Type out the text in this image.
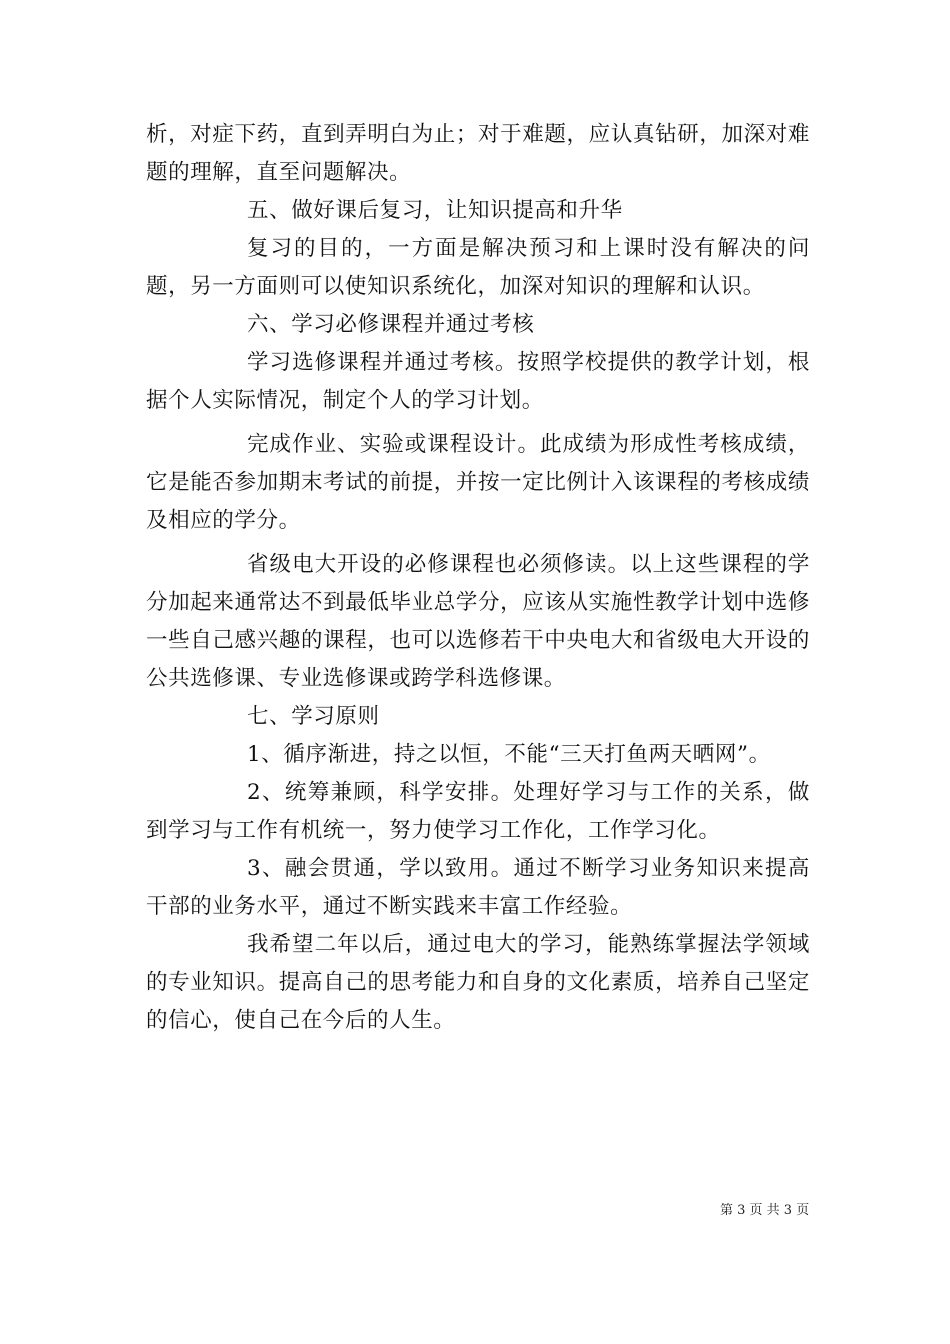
析，对症下药，直到弄明白为止；对于难题，应认真钻研，加深对难题的理解，直至问题解决。

五、做好课后复习，让知识提高和升华

复习的目的，一方面是解决预习和上课时没有解决的问题，另一方面则可以使知识系统化，加深对知识的理解和认识。

六、学习必修课程并通过考核

学习选修课程并通过考核。按照学校提供的教学计划，根据个人实际情况，制定个人的学习计划。

完成作业、实验或课程设计。此成绩为形成性考核成绩，它是能否参加期末考试的前提，并按一定比例计入该课程的考核成绩及相应的学分。

省级电大开设的必修课程也必须修读。以上这些课程的学分加起来通常达不到最低毕业总学分，应该从实施性教学计划中选修一些自己感兴趣的课程，也可以选修若干中央电大和省级电大开设的公共选修课、专业选修课或跨学科选修课。

七、学习原则

1、循序渐进，持之以恒，不能“三天打鱼两天晒网”。

2、统筹兼顾，科学安排。处理好学习与工作的关系，做到学习与工作有机统一，努力使学习工作化，工作学习化。

3、融会贯通，学以致用。通过不断学习业务知识来提高干部的业务水平，通过不断实践来丰富工作经验。

我希望二年以后，通过电大的学习，能熟练掌握法学领域的专业知识。提高自己的思考能力和自身的文化素质，培养自己坚定的信心，使自己在今后的人生。

第 3 页 共 3 页
